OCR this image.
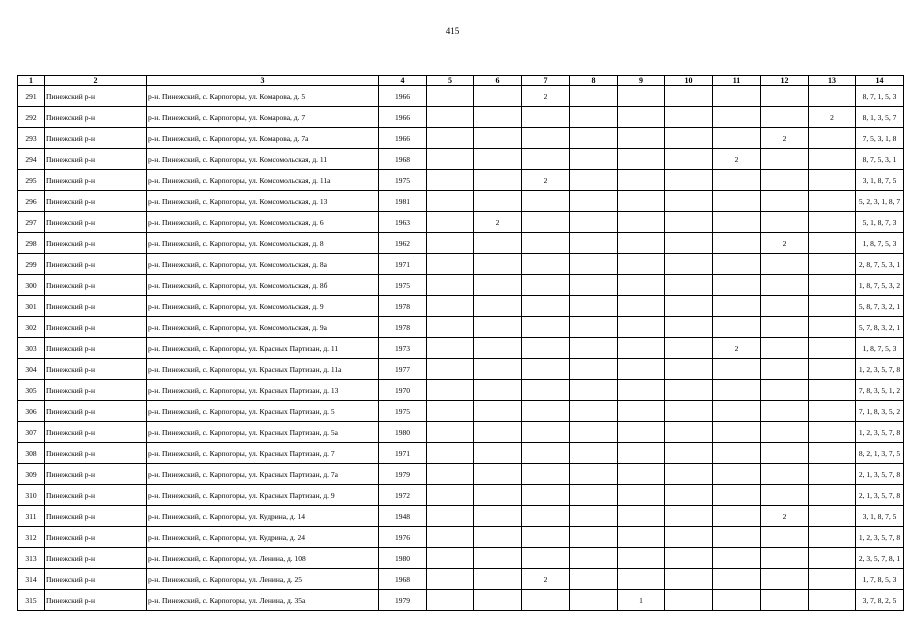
415
1	2	3	4	5	6	7	8	9	10	11	12	13	14
291	Пинежский р-н	р-н. Пинежский, с. Карпогоры, ул. Комарова, д. 5	1966			2							8, 7, 1, 5, 3
292	Пинежский р-н	р-н. Пинежский, с. Карпогоры, ул. Комарова, д. 7	1966									2	8, 1, 3, 5, 7
293	Пинежский р-н	р-н. Пинежский, с. Карпогоры, ул. Комарова, д. 7а	1966								2		7, 5, 3, 1, 8
294	Пинежский р-н	р-н. Пинежский, с. Карпогоры, ул. Комсомольская, д. 11	1968							2			8, 7, 5, 3, 1
295	Пинежский р-н	р-н. Пинежский, с. Карпогоры, ул. Комсомольская, д. 11а	1975			2							3, 1, 8, 7, 5
296	Пинежский р-н	р-н. Пинежский, с. Карпогоры, ул. Комсомольская, д. 13	1981										5, 2, 3, 1, 8, 7
297	Пинежский р-н	р-н. Пинежский, с. Карпогоры, ул. Комсомольская, д. 6	1963		2								5, 1, 8, 7, 3
298	Пинежский р-н	р-н. Пинежский, с. Карпогоры, ул. Комсомольская, д. 8	1962								2		1, 8, 7, 5, 3
299	Пинежский р-н	р-н. Пинежский, с. Карпогоры, ул. Комсомольская, д. 8а	1971										2, 8, 7, 5, 3, 1
300	Пинежский р-н	р-н. Пинежский, с. Карпогоры, ул. Комсомольская, д. 8б	1975										1, 8, 7, 5, 3, 2
301	Пинежский р-н	р-н. Пинежский, с. Карпогоры, ул. Комсомольская, д. 9	1978										5, 8, 7, 3, 2, 1
302	Пинежский р-н	р-н. Пинежский, с. Карпогоры, ул. Комсомольская, д. 9а	1978										5, 7, 8, 3, 2, 1
303	Пинежский р-н	р-н. Пинежский, с. Карпогоры, ул. Красных Партизан, д. 11	1973							2			1, 8, 7, 5, 3
304	Пинежский р-н	р-н. Пинежский, с. Карпогоры, ул. Красных Партизан, д. 11а	1977										1, 2, 3, 5, 7, 8
305	Пинежский р-н	р-н. Пинежский, с. Карпогоры, ул. Красных Партизан, д. 13	1970										7, 8, 3, 5, 1, 2
306	Пинежский р-н	р-н. Пинежский, с. Карпогоры, ул. Красных Партизан, д. 5	1975										7, 1, 8, 3, 5, 2
307	Пинежский р-н	р-н. Пинежский, с. Карпогоры, ул. Красных Партизан, д. 5а	1980										1, 2, 3, 5, 7, 8
308	Пинежский р-н	р-н. Пинежский, с. Карпогоры, ул. Красных Партизан, д. 7	1971										8, 2, 1, 3, 7, 5
309	Пинежский р-н	р-н. Пинежский, с. Карпогоры, ул. Красных Партизан, д. 7а	1979										2, 1, 3, 5, 7, 8
310	Пинежский р-н	р-н. Пинежский, с. Карпогоры, ул. Красных Партизан, д. 9	1972										2, 1, 3, 5, 7, 8
311	Пинежский р-н	р-н. Пинежский, с. Карпогоры, ул. Кудрина, д. 14	1948								2		3, 1, 8, 7, 5
312	Пинежский р-н	р-н. Пинежский, с. Карпогоры, ул. Кудрина, д. 24	1976										1, 2, 3, 5, 7, 8
313	Пинежский р-н	р-н. Пинежский, с. Карпогоры, ул. Ленина, д. 108	1980										2, 3, 5, 7, 8, 1
314	Пинежский р-н	р-н. Пинежский, с. Карпогоры, ул. Ленина, д. 25	1968			2							1, 7, 8, 5, 3
315	Пинежский р-н	р-н. Пинежский, с. Карпогоры, ул. Ленина, д. 35а	1979					1					3, 7, 8, 2, 5
